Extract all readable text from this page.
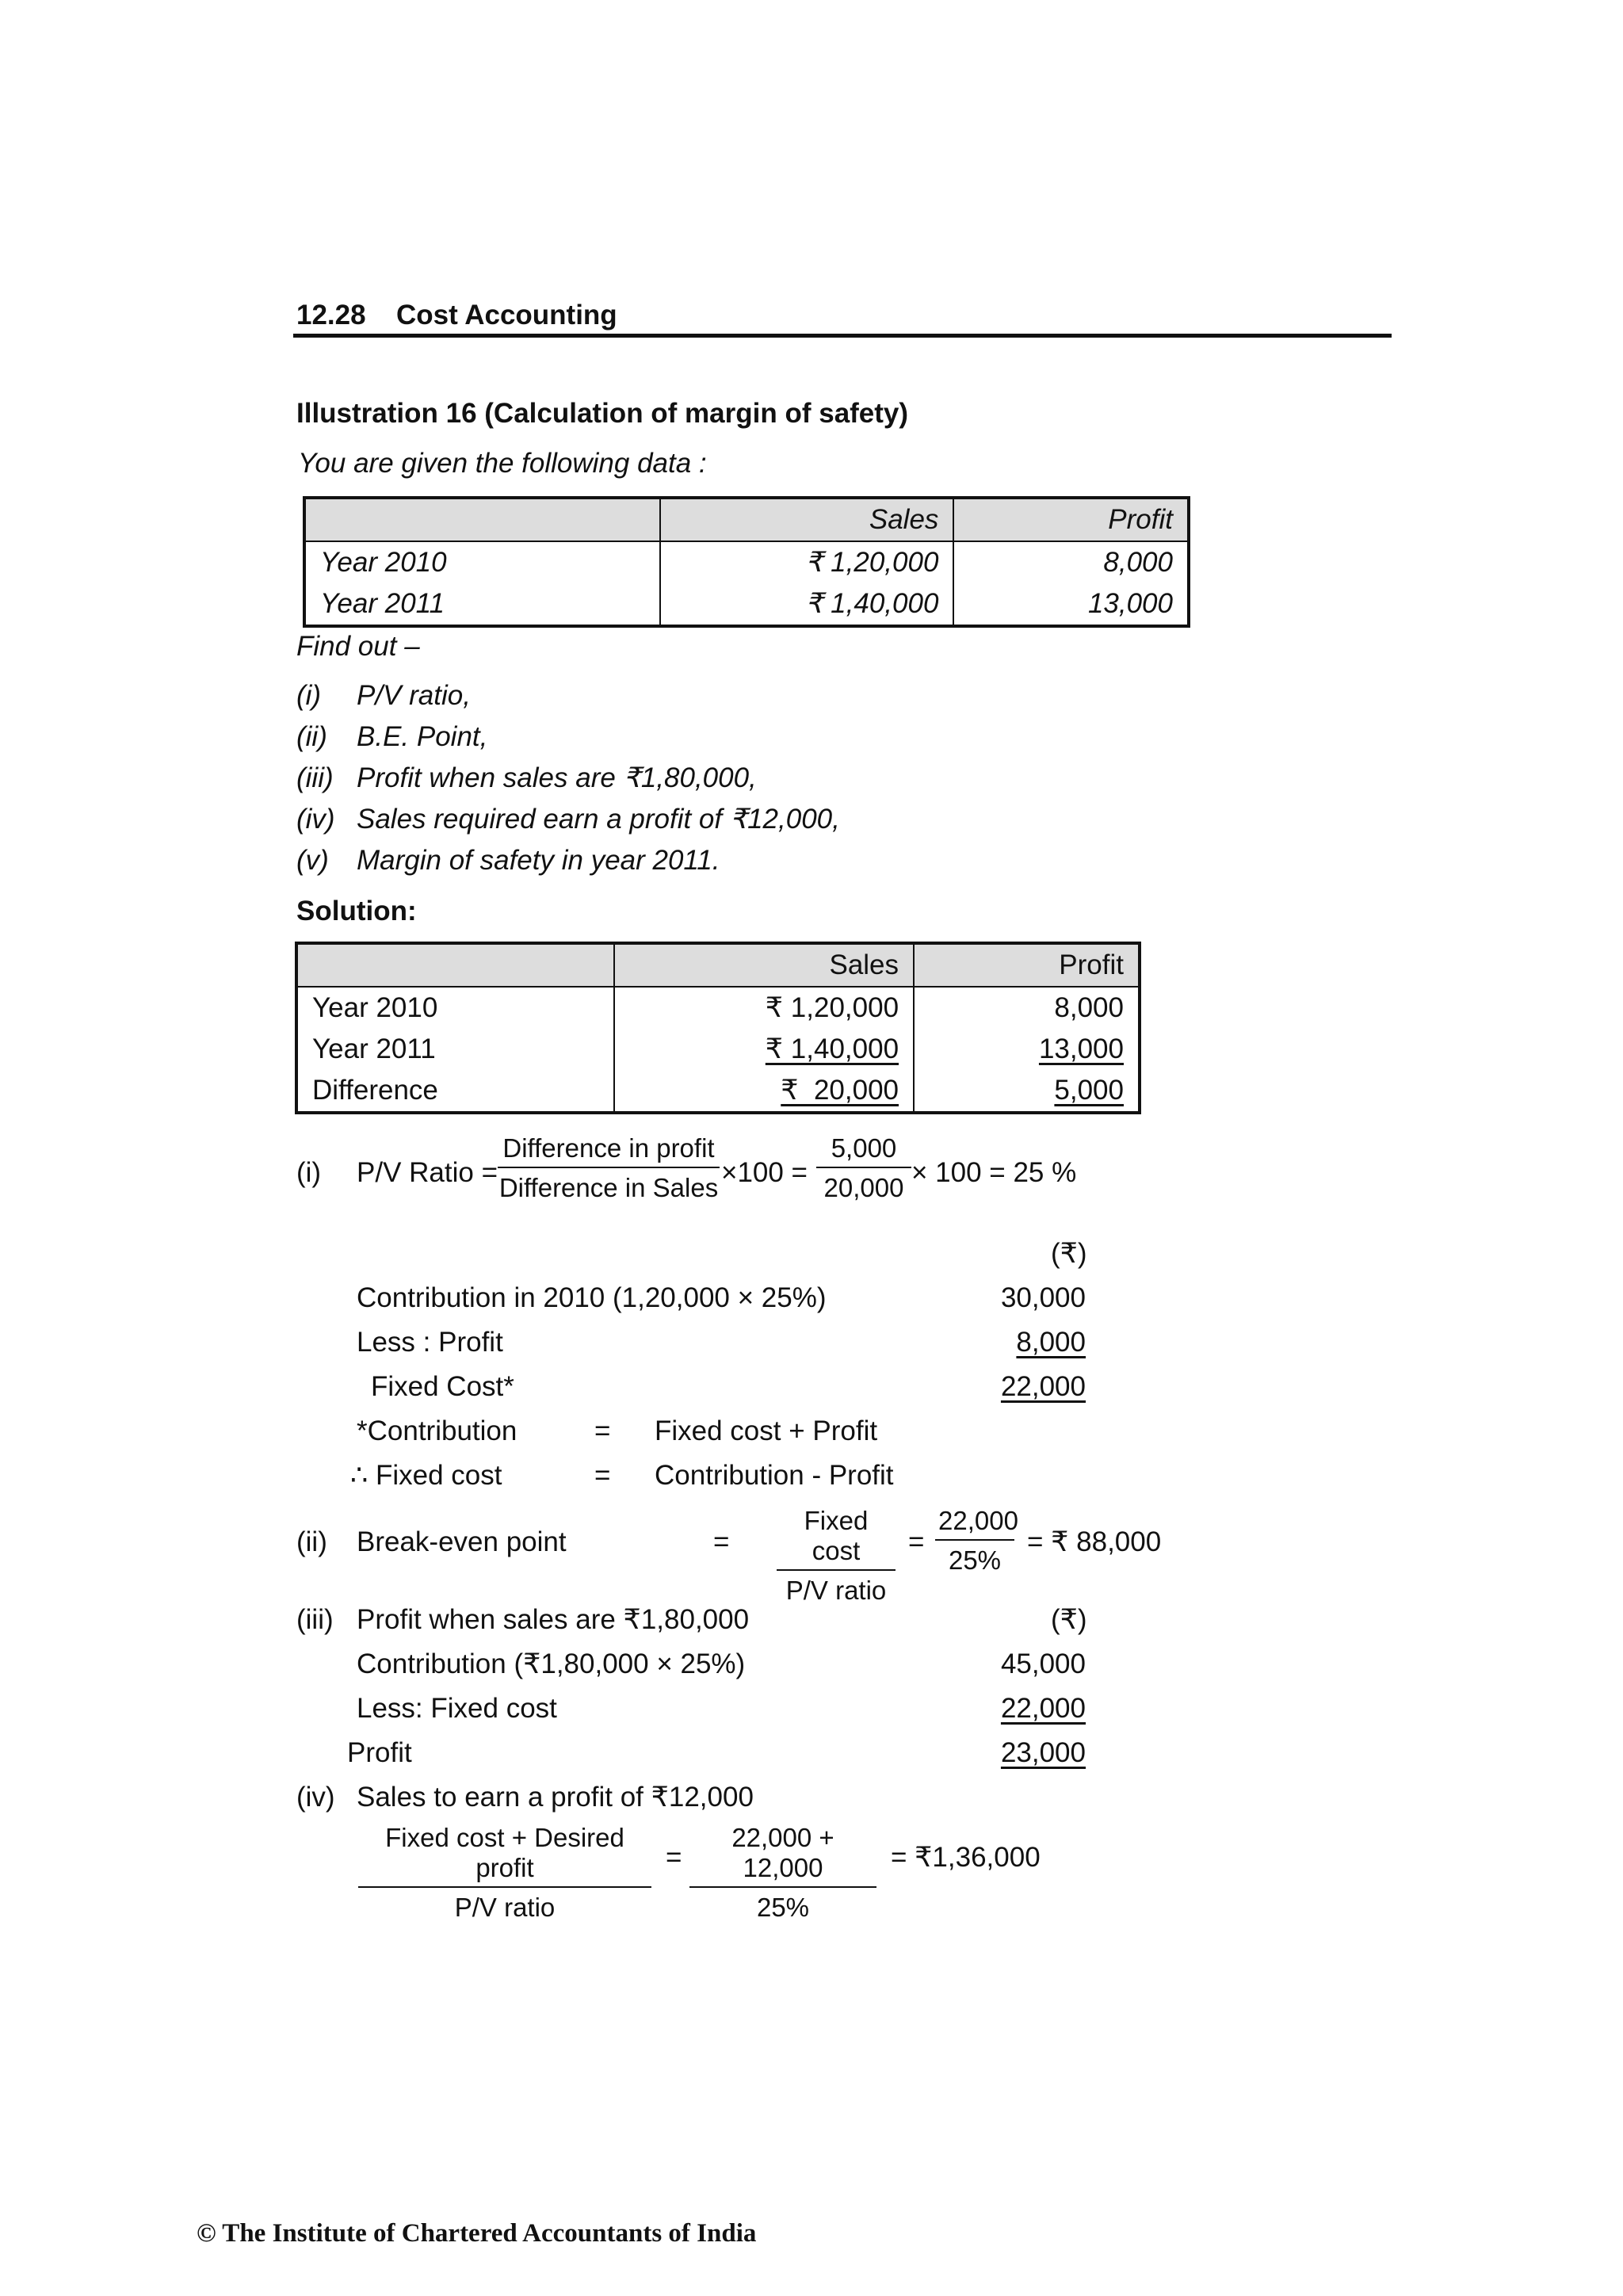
12.28 Cost Accounting
Illustration 16 (Calculation of margin of safety)
You are given the following data :
	Sales	Profit
Year 2010	₹ 1,20,000	8,000
Year 2011	₹ 1,40,000	13,000
Find out –
(i) P/V ratio,
(ii) B.E. Point,
(iii) Profit when sales are ₹1,80,000,
(iv) Sales required earn a profit of ₹12,000,
(v) Margin of safety in year 2011.
Solution:
	Sales	Profit
Year 2010	₹ 1,20,000	8,000
Year 2011	₹ 1,40,000	13,000
Difference	₹  20,000	5,000
(i) P/V Ratio =
Difference in profit
Difference in Sales $\times 100 = \frac{5,000}{20,000} \times 100 = 25$ %
(₹)
Contribution in 2010 (1,20,000 × 25%)	30,000
Less : Profit	8,000
Fixed Cost*	22,000
*Contribution	= Fixed cost + Profit
∴ Fixed cost	= Contribution - Profit
(ii) Break-even point	=
Fixed cost
P/V ratio
= $\frac{22,000}{25\%}$ = ₹ 88,000
(iii) Profit when sales are ₹1,80,000	(₹)
Contribution (₹1,80,000 × 25%)	45,000
Less: Fixed cost	22,000
Profit	23,000
(iv) Sales to earn a profit of ₹12,000
Fixed cost + Desired profit
P/V ratio
= $\frac{22,000 + 12,000}{25\%}$ = ₹1,36,000
© The Institute of Chartered Accountants of India
